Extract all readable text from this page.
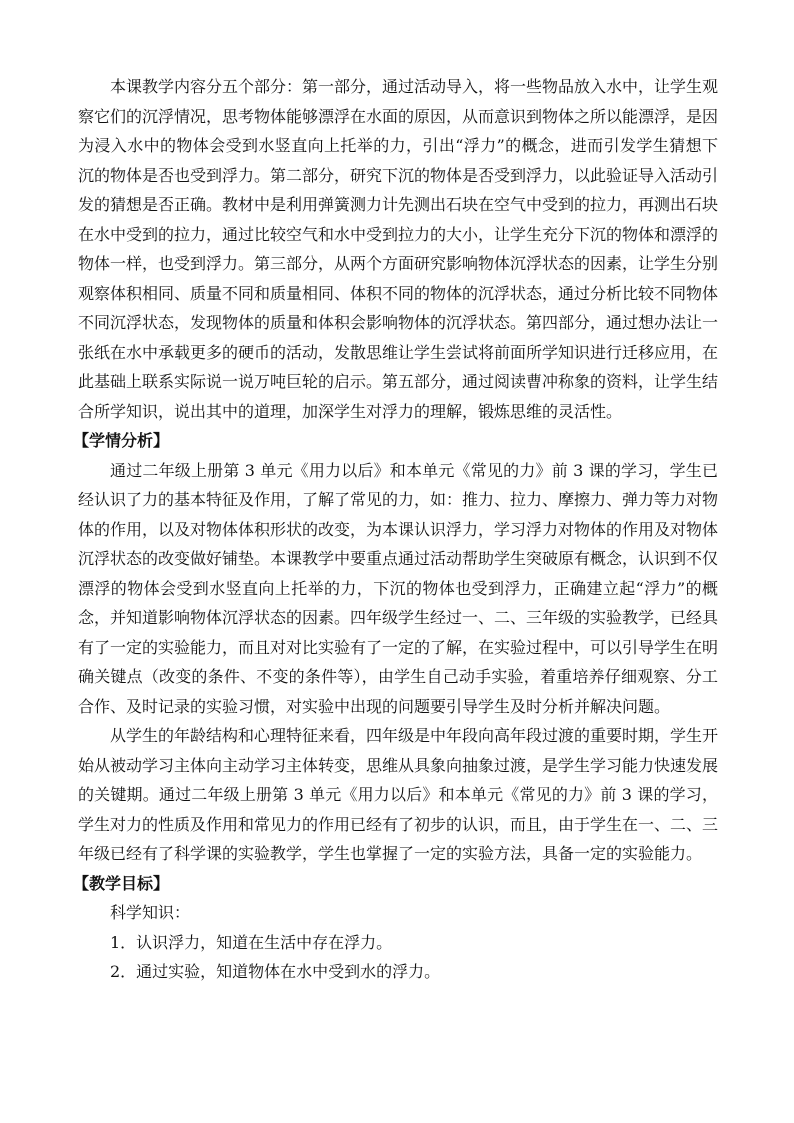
本课教学内容分五个部分：第一部分，通过活动导入，将一些物品放入水中，让学生观察它们的沉浮情况，思考物体能够漂浮在水面的原因，从而意识到物体之所以能漂浮，是因为浸入水中的物体会受到水竖直向上托举的力，引出“浮力”的概念，进而引发学生猜想下沉的物体是否也受到浮力。第二部分，研究下沉的物体是否受到浮力，以此验证导入活动引发的猜想是否正确。教材中是利用弹簧测力计先测出石块在空气中受到的拉力，再测出石块在水中受到的拉力，通过比较空气和水中受到拉力的大小，让学生充分下沉的物体和漂浮的物体一样，也受到浮力。第三部分，从两个方面研究影响物体沉浮状态的因素，让学生分别观察体积相同、质量不同和质量相同、体积不同的物体的沉浮状态，通过分析比较不同物体不同沉浮状态，发现物体的质量和体积会影响物体的沉浮状态。第四部分，通过想办法让一张纸在水中承载更多的硬币的活动，发散思维让学生尝试将前面所学知识进行迁移应用，在此基础上联系实际说一说万吨巨轮的启示。第五部分，通过阅读曹冲称象的资料，让学生结合所学知识，说出其中的道理，加深学生对浮力的理解，锻炼思维的灵活性。

【学情分析】

通过二年级上册第 3 单元《用力以后》和本单元《常见的力》前 3 课的学习，学生已经认识了力的基本特征及作用，了解了常见的力，如：推力、拉力、摩擦力、弹力等力对物体的作用，以及对物体体积形状的改变，为本课认识浮力，学习浮力对物体的作用及对物体沉浮状态的改变做好铺垫。本课教学中要重点通过活动帮助学生突破原有概念，认识到不仅漂浮的物体会受到水竖直向上托举的力，下沉的物体也受到浮力，正确建立起“浮力”的概念，并知道影响物体沉浮状态的因素。四年级学生经过一、二、三年级的实验教学，已经具有了一定的实验能力，而且对对比实验有了一定的了解，在实验过程中，可以引导学生在明确关键点（改变的条件、不变的条件等），由学生自己动手实验，着重培养仔细观察、分工合作、及时记录的实验习惯，对实验中出现的问题要引导学生及时分析并解决问题。

从学生的年龄结构和心理特征来看，四年级是中年段向高年段过渡的重要时期，学生开始从被动学习主体向主动学习主体转变，思维从具象向抽象过渡，是学生学习能力快速发展的关键期。通过二年级上册第 3 单元《用力以后》和本单元《常见的力》前 3 课的学习，学生对力的性质及作用和常见力的作用已经有了初步的认识，而且，由于学生在一、二、三年级已经有了科学课的实验教学，学生也掌握了一定的实验方法，具备一定的实验能力。

【教学目标】

科学知识：

1．认识浮力，知道在生活中存在浮力。

2．通过实验，知道物体在水中受到水的浮力。
